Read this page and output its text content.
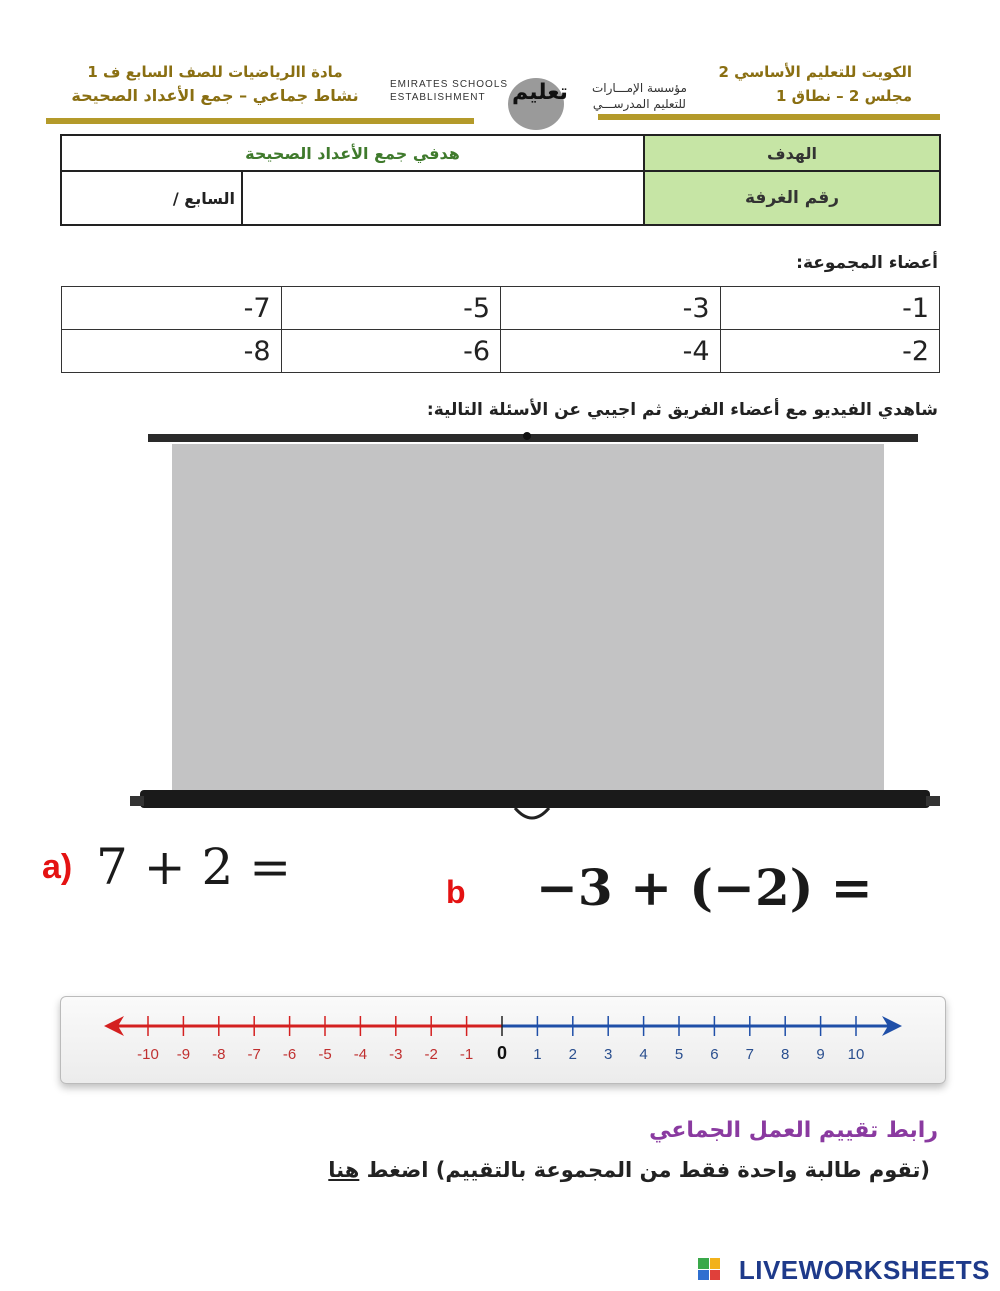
الكويت للتعليم الأساسي 2
مجلس 2 – نطاق 1
مادة االرياضيات للصف السابع ف 1
نشاط جماعي – جمع الأعداد الصحيحة
EMIRATES SCHOOLS
ESTABLISHMENT	تعليم مؤسسة الإمـــارات
للتعليم المدرســـي
هدفي جمع الأعداد الصحيحة		الهدف
السابع /		رقم الغرفة
أعضاء المجموعة:
-7	-5	-3	-1
-8	-6	-4	-2
شاهدي الفيديو مع أعضاء الفريق ثم اجيبي عن الأسئلة التالية:
a) 7 + 2 =	b −3 + (−2) =
-10 -9 -8 -7 -6 -5 -4 -3 -2 -1 0 1 2 3 4 5 6 7 8 9 10
رابط تقييم العمل الجماعي
(تقوم طالبة واحدة فقط من المجموعة بالتقييم) اضغط هنا
LIVEWORKSHEETS
